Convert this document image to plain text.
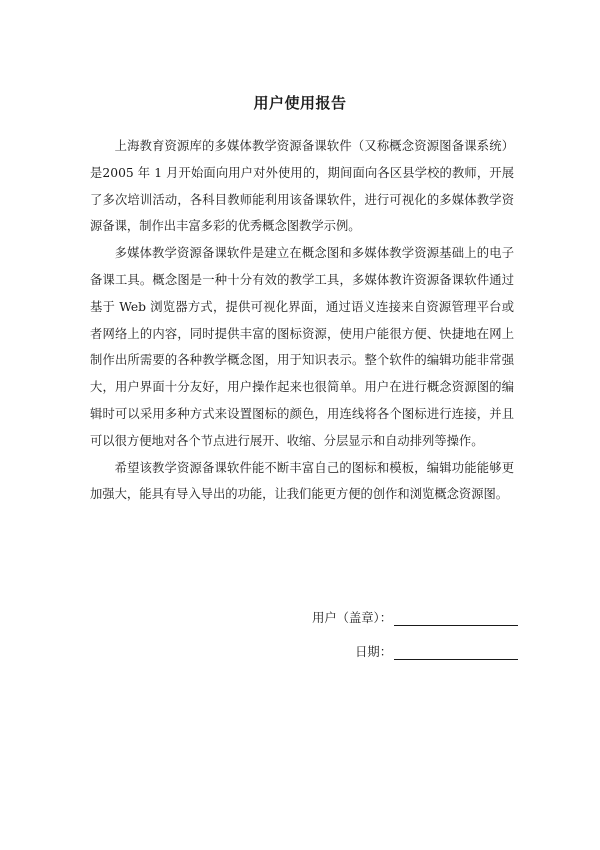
用户使用报告

上海教育资源库的多媒体教学资源备课软件（又称概念资源图备课系统）是2005 年 1 月开始面向用户对外使用的，期间面向各区县学校的教师，开展了多次培训活动，各科目教师能利用该备课软件，进行可视化的多媒体教学资源备课，制作出丰富多彩的优秀概念图教学示例。

多媒体教学资源备课软件是建立在概念图和多媒体教学资源基础上的电子备课工具。概念图是一种十分有效的教学工具，多媒体教许资源备课软件通过基于 Web 浏览器方式，提供可视化界面，通过语义连接来自资源管理平台或者网络上的内容，同时提供丰富的图标资源，使用户能很方便、快捷地在网上制作出所需要的各种教学概念图，用于知识表示。整个软件的编辑功能非常强大，用户界面十分友好，用户操作起来也很简单。用户在进行概念资源图的编辑时可以采用多种方式来设置图标的颜色，用连线将各个图标进行连接，并且可以很方便地对各个节点进行展开、收缩、分层显示和自动排列等操作。

希望该教学资源备课软件能不断丰富自己的图标和模板，编辑功能能够更加强大，能具有导入导出的功能，让我们能更方便的创作和浏览概念资源图。

用户（盖章）：
日期：
